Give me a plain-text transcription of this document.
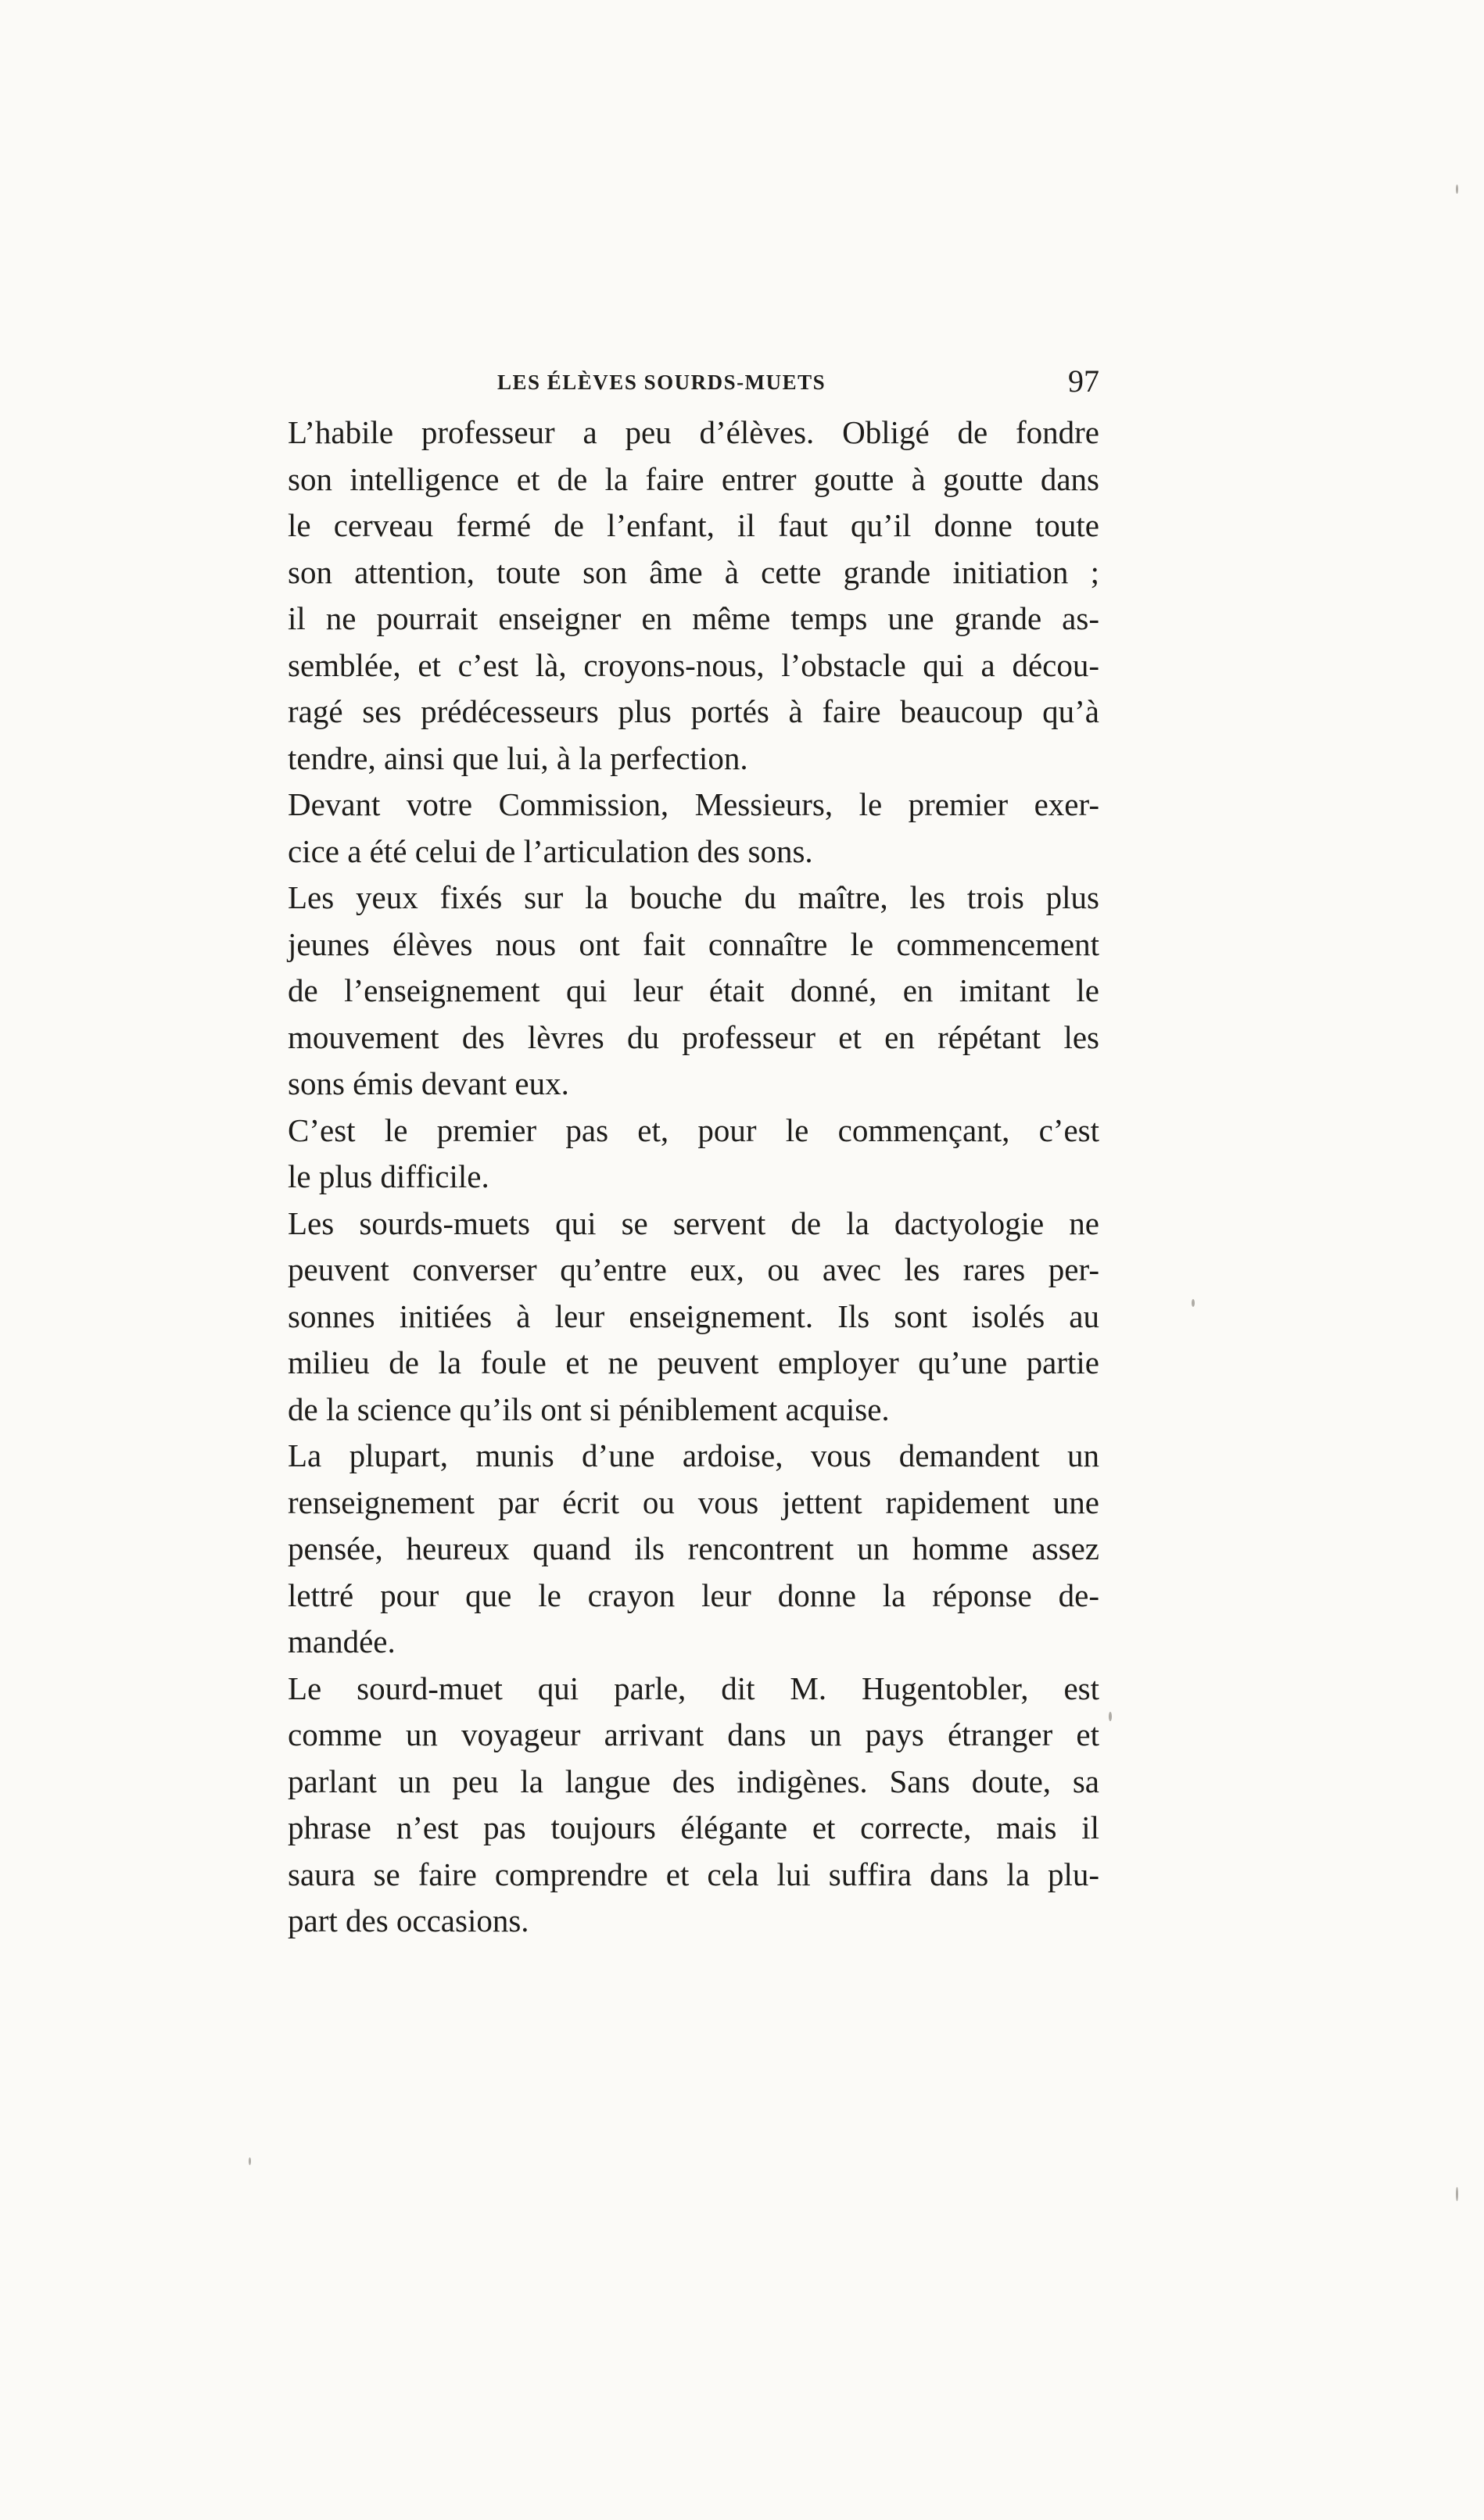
LES ÉLÈVES SOURDS-MUETS	97

L’habile professeur a peu d’élèves. Obligé de fondre
son intelligence et de la faire entrer goutte à goutte dans
le cerveau fermé de l’enfant, il faut qu’il donne toute
son attention, toute son âme à cette grande initiation ;
il ne pourrait enseigner en même temps une grande as-
semblée, et c’est là, croyons-nous, l’obstacle qui a décou-
ragé ses prédécesseurs plus portés à faire beaucoup qu’à
tendre, ainsi que lui, à la perfection.

Devant votre Commission, Messieurs, le premier exer-
cice a été celui de l’articulation des sons.

Les yeux fixés sur la bouche du maître, les trois plus
jeunes élèves nous ont fait connaître le commencement
de l’enseignement qui leur était donné, en imitant le
mouvement des lèvres du professeur et en répétant les
sons émis devant eux.

C’est le premier pas et, pour le commençant, c’est
le plus difficile.

Les sourds-muets qui se servent de la dactyologie ne
peuvent converser qu’entre eux, ou avec les rares per-
sonnes initiées à leur enseignement. Ils sont isolés au
milieu de la foule et ne peuvent employer qu’une partie
de la science qu’ils ont si péniblement acquise.

La plupart, munis d’une ardoise, vous demandent un
renseignement par écrit ou vous jettent rapidement une
pensée, heureux quand ils rencontrent un homme assez
lettré pour que le crayon leur donne la réponse de-
mandée.

Le sourd-muet qui parle, dit M. Hugentobler, est
comme un voyageur arrivant dans un pays étranger et
parlant un peu la langue des indigènes. Sans doute, sa
phrase n’est pas toujours élégante et correcte, mais il
saura se faire comprendre et cela lui suffira dans la plu-
part des occasions.
